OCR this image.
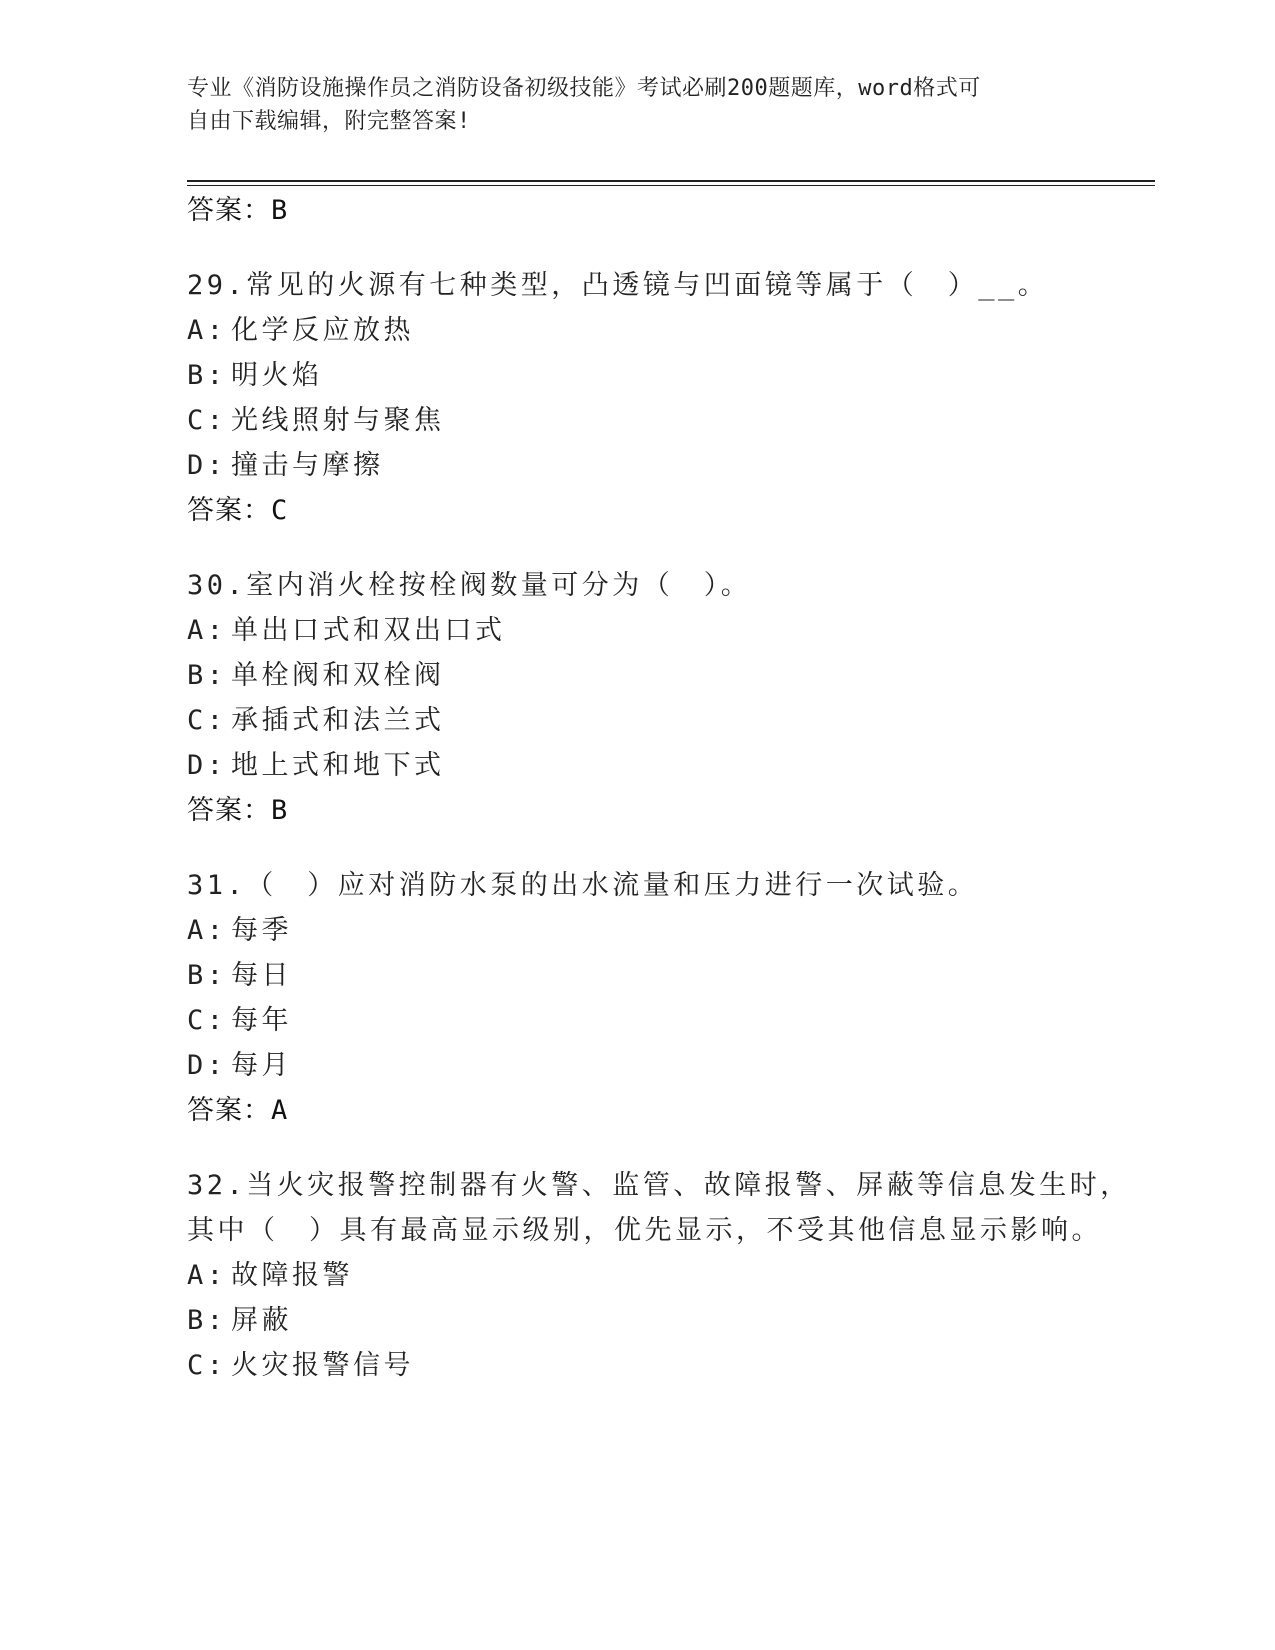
专业《消防设施操作员之消防设备初级技能》考试必刷200题题库，word格式可
自由下载编辑，附完整答案!
答案：B
29.常见的火源有七种类型，凸透镜与凹面镜等属于（　）__。
A: 化学反应放热
B: 明火焰
C: 光线照射与聚焦
D: 撞击与摩擦
答案：C
30.室内消火栓按栓阀数量可分为（　）。
A: 单出口式和双出口式
B: 单栓阀和双栓阀
C: 承插式和法兰式
D: 地上式和地下式
答案：B
31.（　）应对消防水泵的出水流量和压力进行一次试验。
A: 每季
B: 每日
C: 每年
D: 每月
答案：A
32.当火灾报警控制器有火警、监管、故障报警、屏蔽等信息发生时，其中（　）具有最高显示级别，优先显示，不受其他信息显示影响。
A: 故障报警
B: 屏蔽
C: 火灾报警信号
